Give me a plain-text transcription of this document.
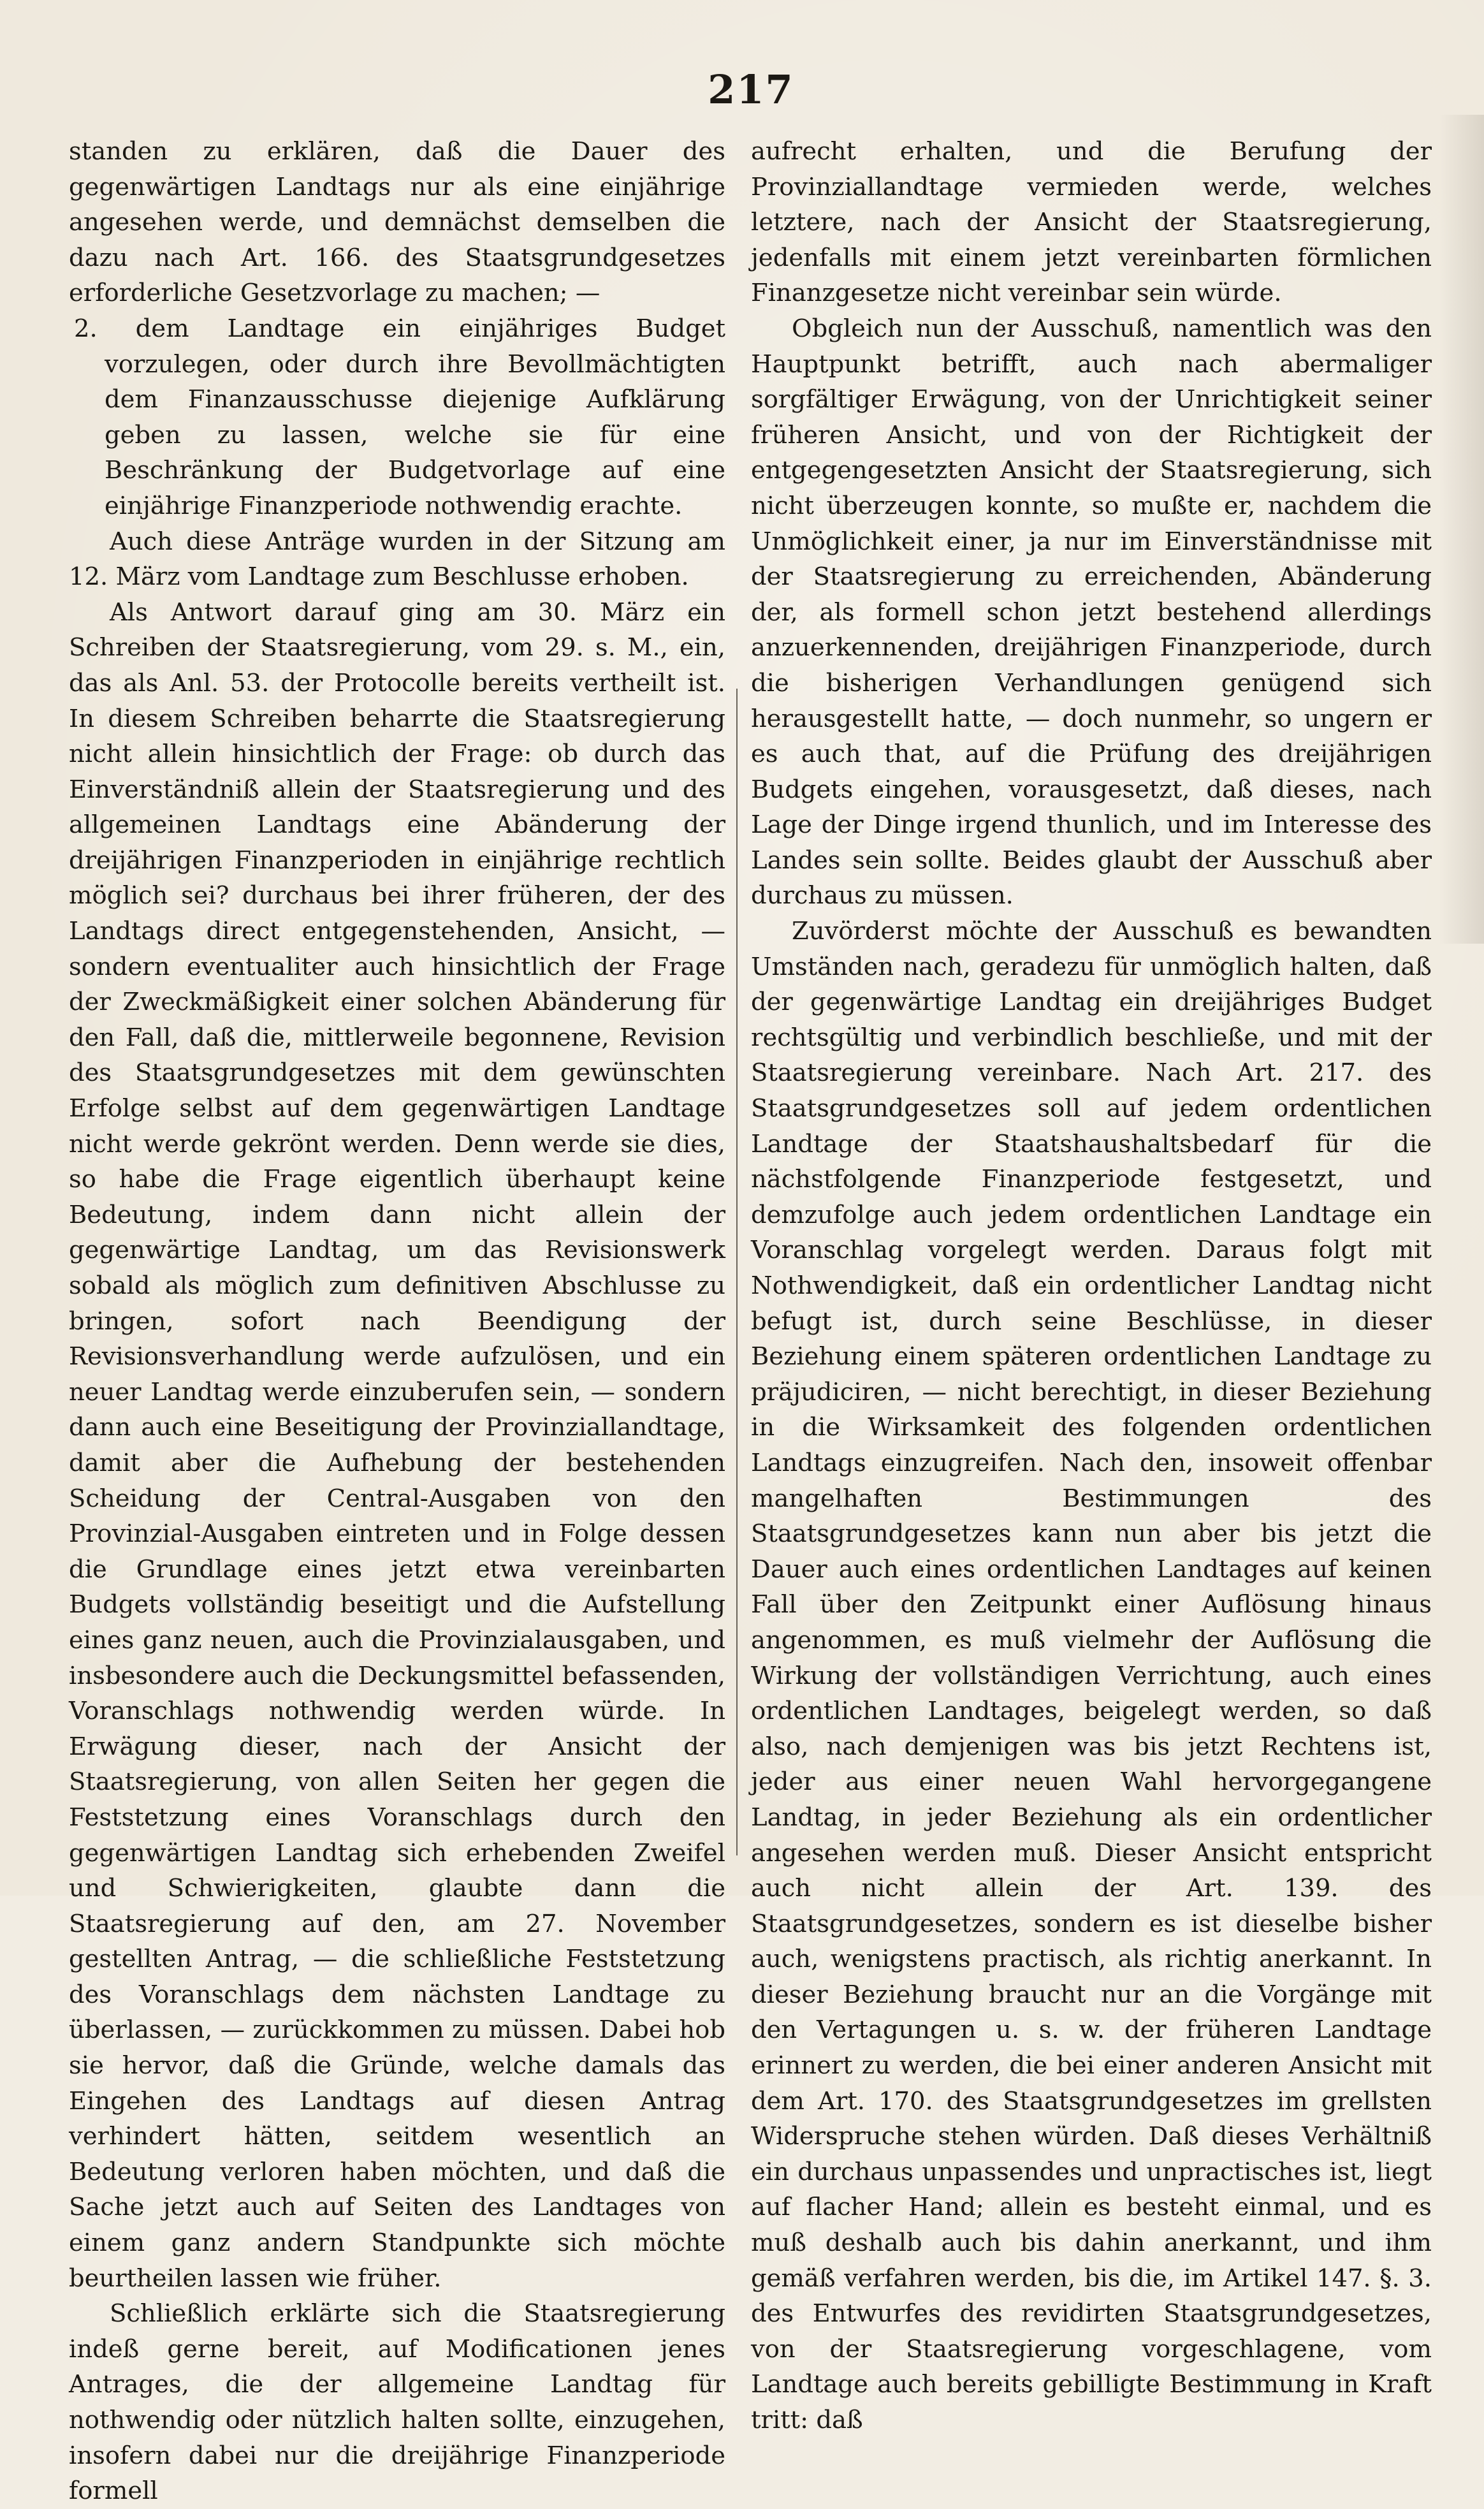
217

standen zu erklären, daß die Dauer des gegenwärtigen Landtags nur als eine einjährige angesehen werde, und demnächst demselben die dazu nach Art. 166. des Staatsgrundgesetzes erforderliche Gesetzvorlage zu machen; —

2. dem Landtage ein einjähriges Budget vorzulegen, oder durch ihre Bevollmächtigten dem Finanzausschusse diejenige Aufklärung geben zu lassen, welche sie für eine Beschränkung der Budgetvorlage auf eine einjährige Finanzperiode nothwendig erachte.

Auch diese Anträge wurden in der Sitzung am 12. März vom Landtage zum Beschlusse erhoben.

Als Antwort darauf ging am 30. März ein Schreiben der Staatsregierung, vom 29. s. M., ein, das als Anl. 53. der Protocolle bereits vertheilt ist. In diesem Schreiben beharrte die Staatsregierung nicht allein hinsichtlich der Frage: ob durch das Einverständniß allein der Staatsregierung und des allgemeinen Landtags eine Abänderung der dreijährigen Finanzperioden in einjährige rechtlich möglich sei? durchaus bei ihrer früheren, der des Landtags direct entgegenstehenden, Ansicht, — sondern eventualiter auch hinsichtlich der Frage der Zweckmäßigkeit einer solchen Abänderung für den Fall, daß die, mittlerweile begonnene, Revision des Staatsgrundgesetzes mit dem gewünschten Erfolge selbst auf dem gegenwärtigen Landtage nicht werde gekrönt werden. Denn werde sie dies, so habe die Frage eigentlich überhaupt keine Bedeutung, indem dann nicht allein der gegenwärtige Landtag, um das Revisionswerk sobald als möglich zum definitiven Abschlusse zu bringen, sofort nach Beendigung der Revisionsverhandlung werde aufzulösen, und ein neuer Landtag werde einzuberufen sein, — sondern dann auch eine Beseitigung der Provinziallandtage, damit aber die Aufhebung der bestehenden Scheidung der Central-Ausgaben von den Provinzial-Ausgaben eintreten und in Folge dessen die Grundlage eines jetzt etwa vereinbarten Budgets vollständig beseitigt und die Aufstellung eines ganz neuen, auch die Provinzialausgaben, und insbesondere auch die Deckungsmittel befassenden, Voranschlags nothwendig werden würde. In Erwägung dieser, nach der Ansicht der Staatsregierung, von allen Seiten her gegen die Feststetzung eines Voranschlags durch den gegenwärtigen Landtag sich erhebenden Zweifel und Schwierigkeiten, glaubte dann die Staatsregierung auf den, am 27. November gestellten Antrag, — die schließliche Feststetzung des Voranschlags dem nächsten Landtage zu überlassen, — zurückkommen zu müssen. Dabei hob sie hervor, daß die Gründe, welche damals das Eingehen des Landtags auf diesen Antrag verhindert hätten, seitdem wesentlich an Bedeutung verloren haben möchten, und daß die Sache jetzt auch auf Seiten des Landtages von einem ganz andern Standpunkte sich möchte beurtheilen lassen wie früher.

Schließlich erklärte sich die Staatsregierung indeß gerne bereit, auf Modificationen jenes Antrages, die der allgemeine Landtag für nothwendig oder nützlich halten sollte, einzugehen, insofern dabei nur die dreijährige Finanzperiode formell

aufrecht erhalten, und die Berufung der Provinziallandtage vermieden werde, welches letztere, nach der Ansicht der Staatsregierung, jedenfalls mit einem jetzt vereinbarten förmlichen Finanzgesetze nicht vereinbar sein würde.

Obgleich nun der Ausschuß, namentlich was den Hauptpunkt betrifft, auch nach abermaliger sorgfältiger Erwägung, von der Unrichtigkeit seiner früheren Ansicht, und von der Richtigkeit der entgegengesetzten Ansicht der Staatsregierung, sich nicht überzeugen konnte, so mußte er, nachdem die Unmöglichkeit einer, ja nur im Einverständnisse mit der Staatsregierung zu erreichenden, Abänderung der, als formell schon jetzt bestehend allerdings anzuerkennenden, dreijährigen Finanzperiode, durch die bisherigen Verhandlungen genügend sich herausgestellt hatte, — doch nunmehr, so ungern er es auch that, auf die Prüfung des dreijährigen Budgets eingehen, vorausgesetzt, daß dieses, nach Lage der Dinge irgend thunlich, und im Interesse des Landes sein sollte. Beides glaubt der Ausschuß aber durchaus zu müssen.

Zuvörderst möchte der Ausschuß es bewandten Umständen nach, geradezu für unmöglich halten, daß der gegenwärtige Landtag ein dreijähriges Budget rechtsgültig und verbindlich beschließe, und mit der Staatsregierung vereinbare. Nach Art. 217. des Staatsgrundgesetzes soll auf jedem ordentlichen Landtage der Staatshaushaltsbedarf für die nächstfolgende Finanzperiode festgesetzt, und demzufolge auch jedem ordentlichen Landtage ein Voranschlag vorgelegt werden. Daraus folgt mit Nothwendigkeit, daß ein ordentlicher Landtag nicht befugt ist, durch seine Beschlüsse, in dieser Beziehung einem späteren ordentlichen Landtage zu präjudiciren, — nicht berechtigt, in dieser Beziehung in die Wirksamkeit des folgenden ordentlichen Landtags einzugreifen. Nach den, insoweit offenbar mangelhaften Bestimmungen des Staatsgrundgesetzes kann nun aber bis jetzt die Dauer auch eines ordentlichen Landtages auf keinen Fall über den Zeitpunkt einer Auflösung hinaus angenommen, es muß vielmehr der Auflösung die Wirkung der vollständigen Verrichtung, auch eines ordentlichen Landtages, beigelegt werden, so daß also, nach demjenigen was bis jetzt Rechtens ist, jeder aus einer neuen Wahl hervorgegangene Landtag, in jeder Beziehung als ein ordentlicher angesehen werden muß. Dieser Ansicht entspricht auch nicht allein der Art. 139. des Staatsgrundgesetzes, sondern es ist dieselbe bisher auch, wenigstens practisch, als richtig anerkannt. In dieser Beziehung braucht nur an die Vorgänge mit den Vertagungen u. s. w. der früheren Landtage erinnert zu werden, die bei einer anderen Ansicht mit dem Art. 170. des Staatsgrundgesetzes im grellsten Widerspruche stehen würden. Daß dieses Verhältniß ein durchaus unpassendes und unpractisches ist, liegt auf flacher Hand; allein es besteht einmal, und es muß deshalb auch bis dahin anerkannt, und ihm gemäß verfahren werden, bis die, im Artikel 147. §. 3. des Entwurfes des revidirten Staatsgrundgesetzes, von der Staatsregierung vorgeschlagene, vom Landtage auch bereits gebilligte Bestimmung in Kraft tritt: daß
